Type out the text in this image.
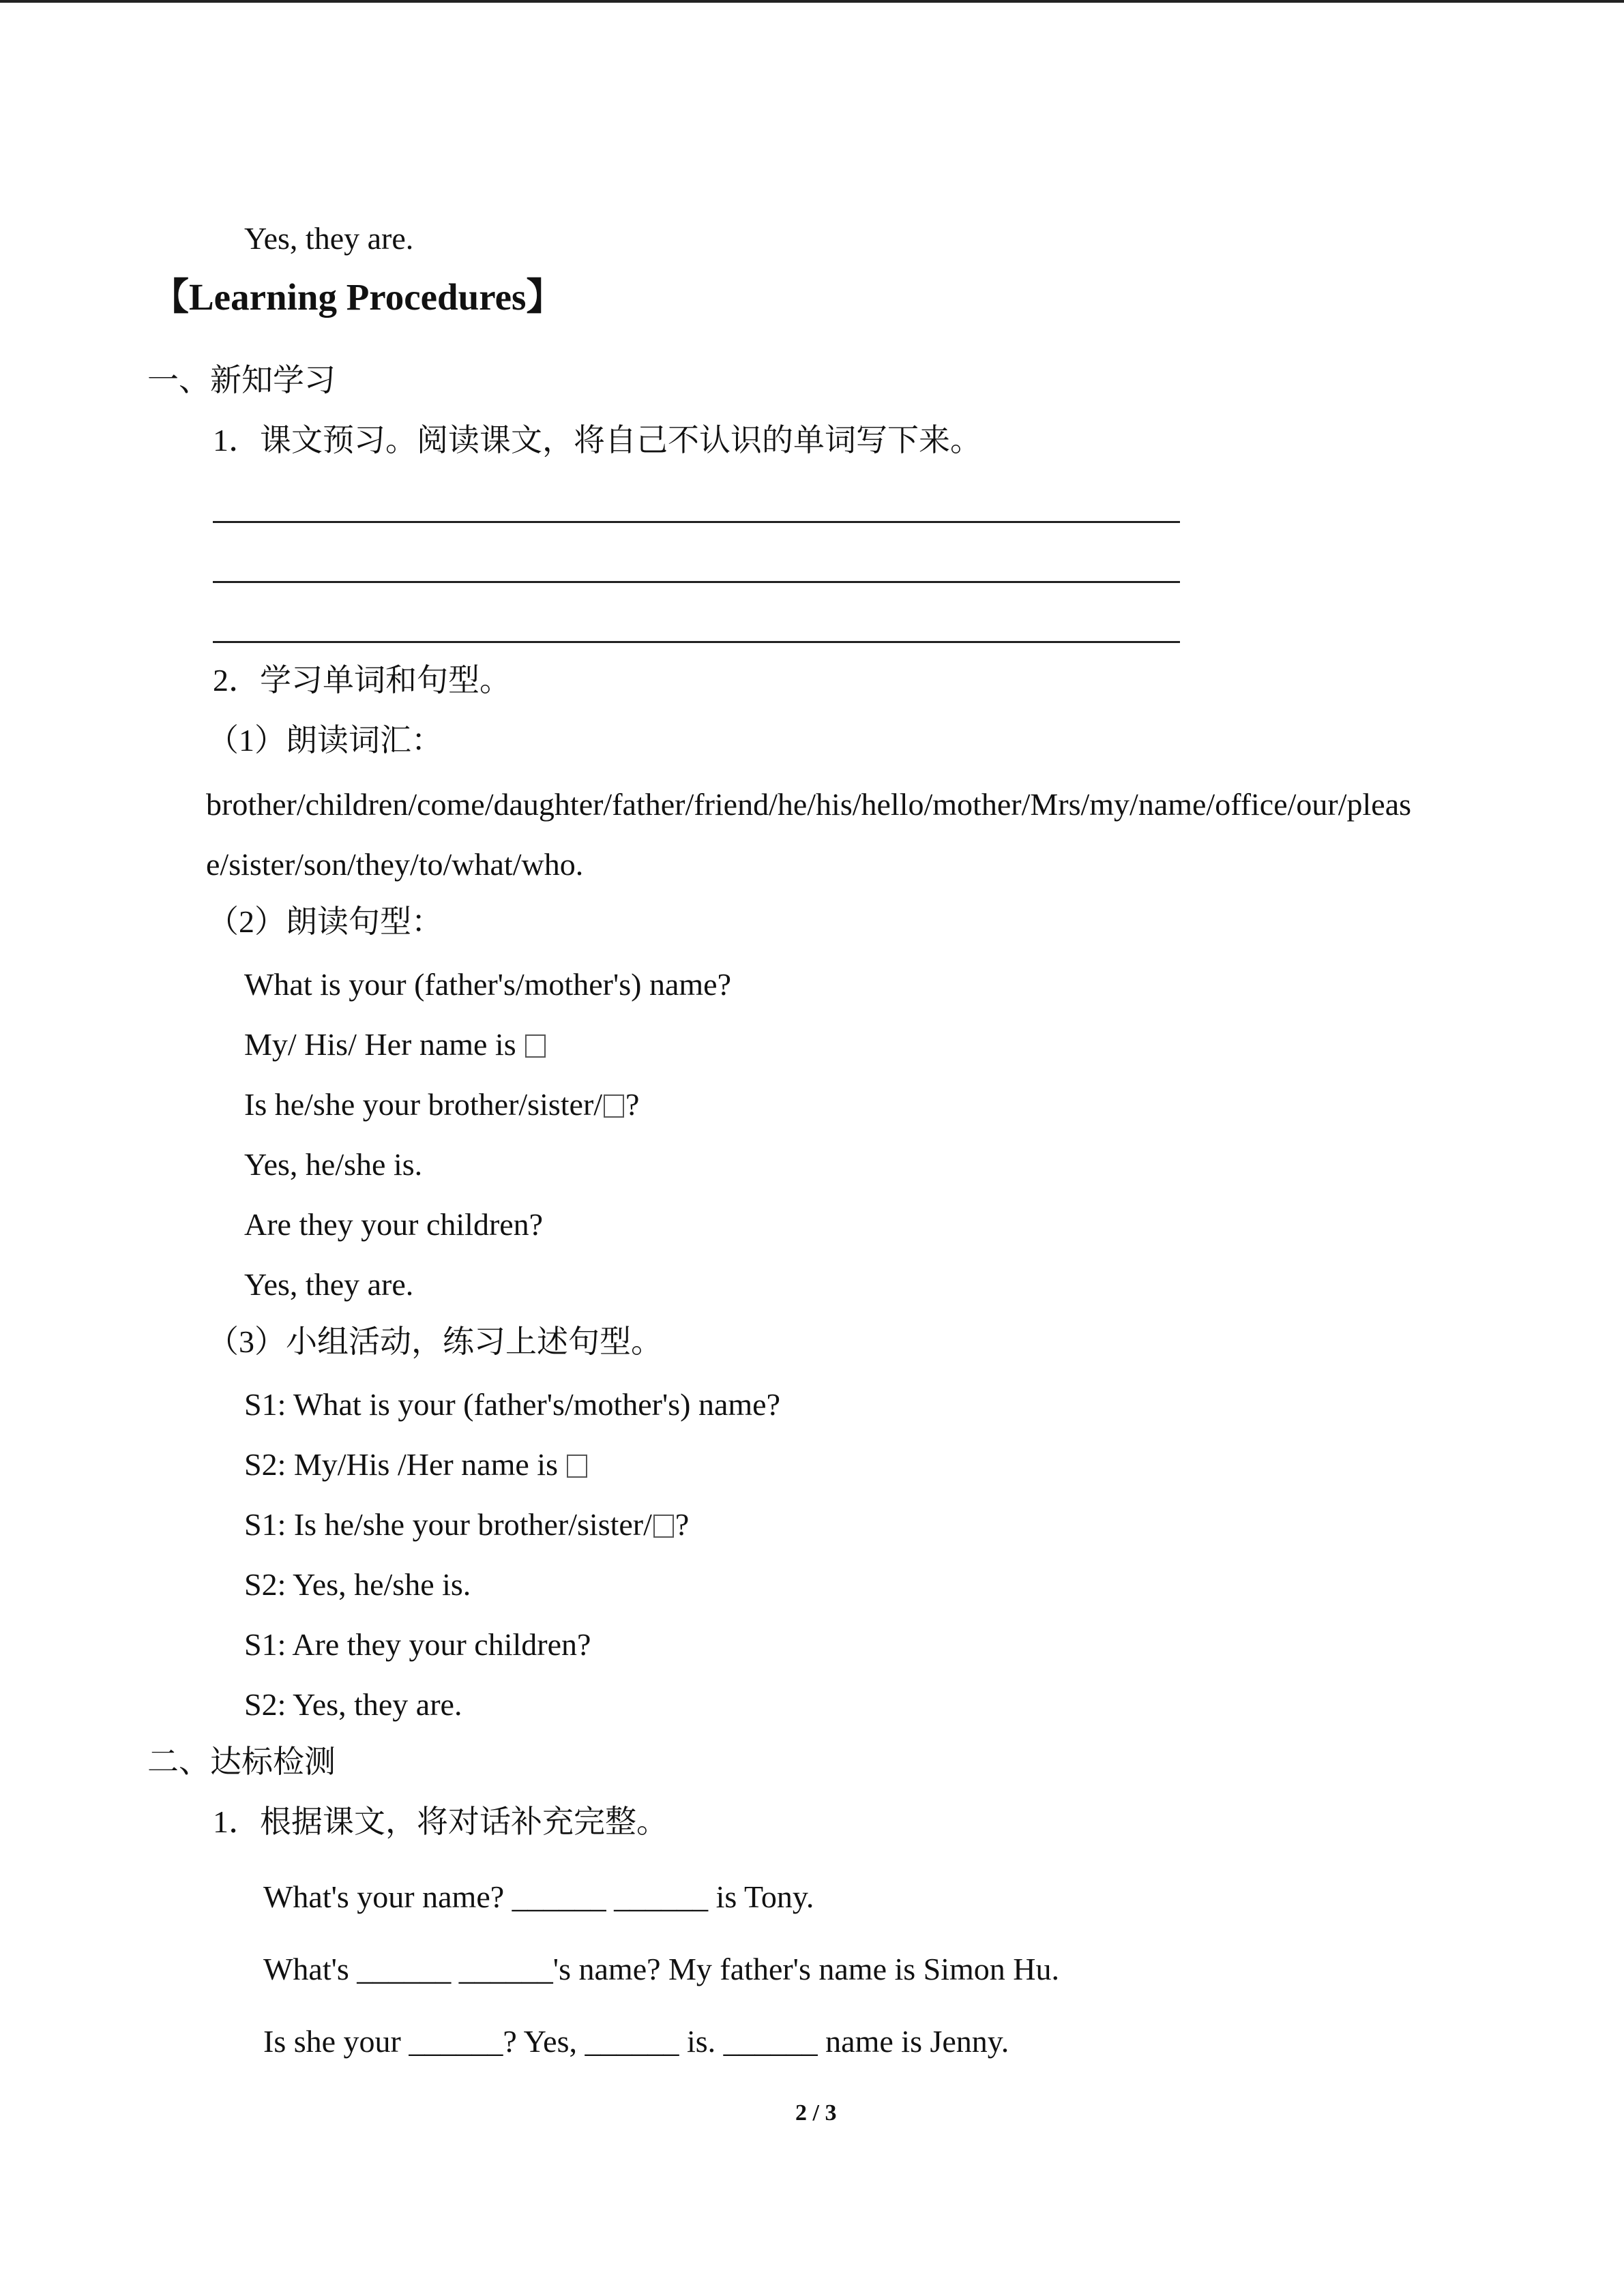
Yes, they are.
【Learning Procedures】
一、新知学习
1．课文预习。阅读课文，将自己不认识的单词写下来。
2．学习单词和句型。
（1）朗读词汇：
brother/children/come/daughter/father/friend/he/his/hello/mother/Mrs/my/name/office/our/pleas
e/sister/son/they/to/what/who.
（2）朗读句型：
What is your (father's/mother's) name?
My/ His/ Her name is
Is he/she your brother/sister/ ?
Yes, he/she is.
Are they your children?
Yes, they are.
（3）小组活动，练习上述句型。
S1: What is your (father's/mother's) name?
S2: My/His /Her name is
S1: Is he/she your brother/sister/ ?
S2: Yes, he/she is.
S1: Are they your children?
S2: Yes, they are.
二、达标检测
1．根据课文，将对话补充完整。
What's your name? ______ ______ is Tony.
What's ______ ______'s name? My father's name is Simon Hu.
Is she your ______? Yes, ______ is. ______ name is Jenny.
2 / 3
